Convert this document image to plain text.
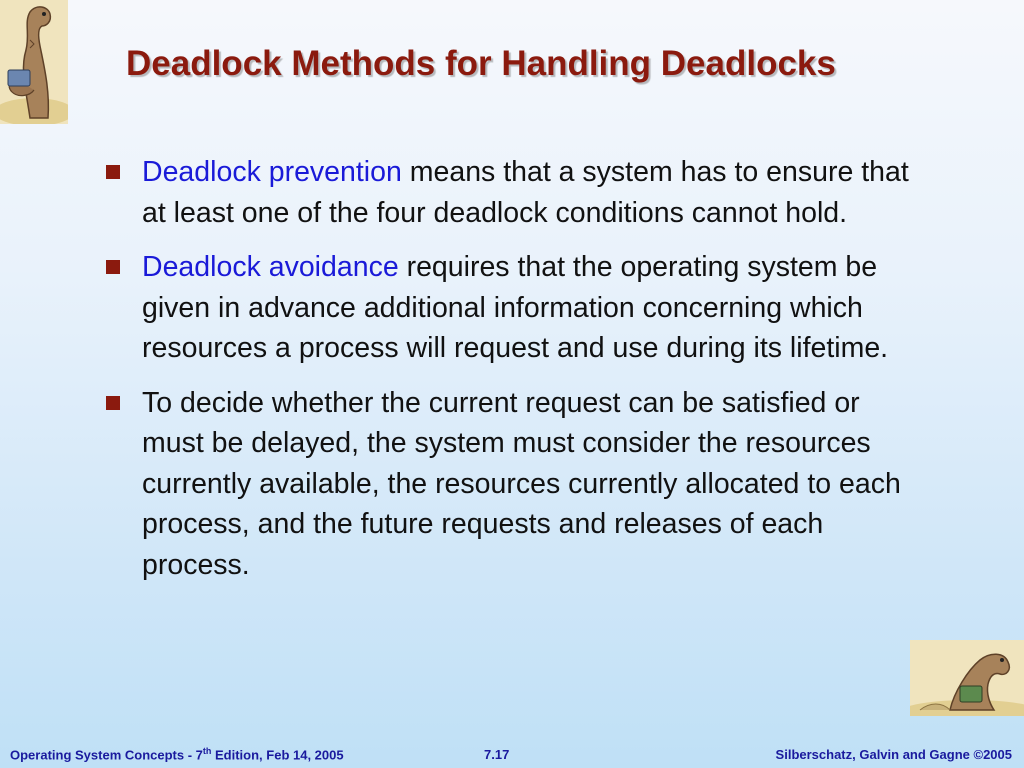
Deadlock Methods for Handling Deadlocks
Deadlock prevention means that a system has to ensure that at least one of the four deadlock conditions cannot hold.
Deadlock avoidance requires that the operating system be given in advance additional information concerning which resources a process will request and use during its lifetime.
To decide whether the current request can be satisfied or must be delayed, the system must consider the resources currently available, the resources currently allocated to each process, and the future requests and releases of each process.
Operating System Concepts - 7th Edition, Feb 14, 2005	7.17	Silberschatz, Galvin and Gagne ©2005
